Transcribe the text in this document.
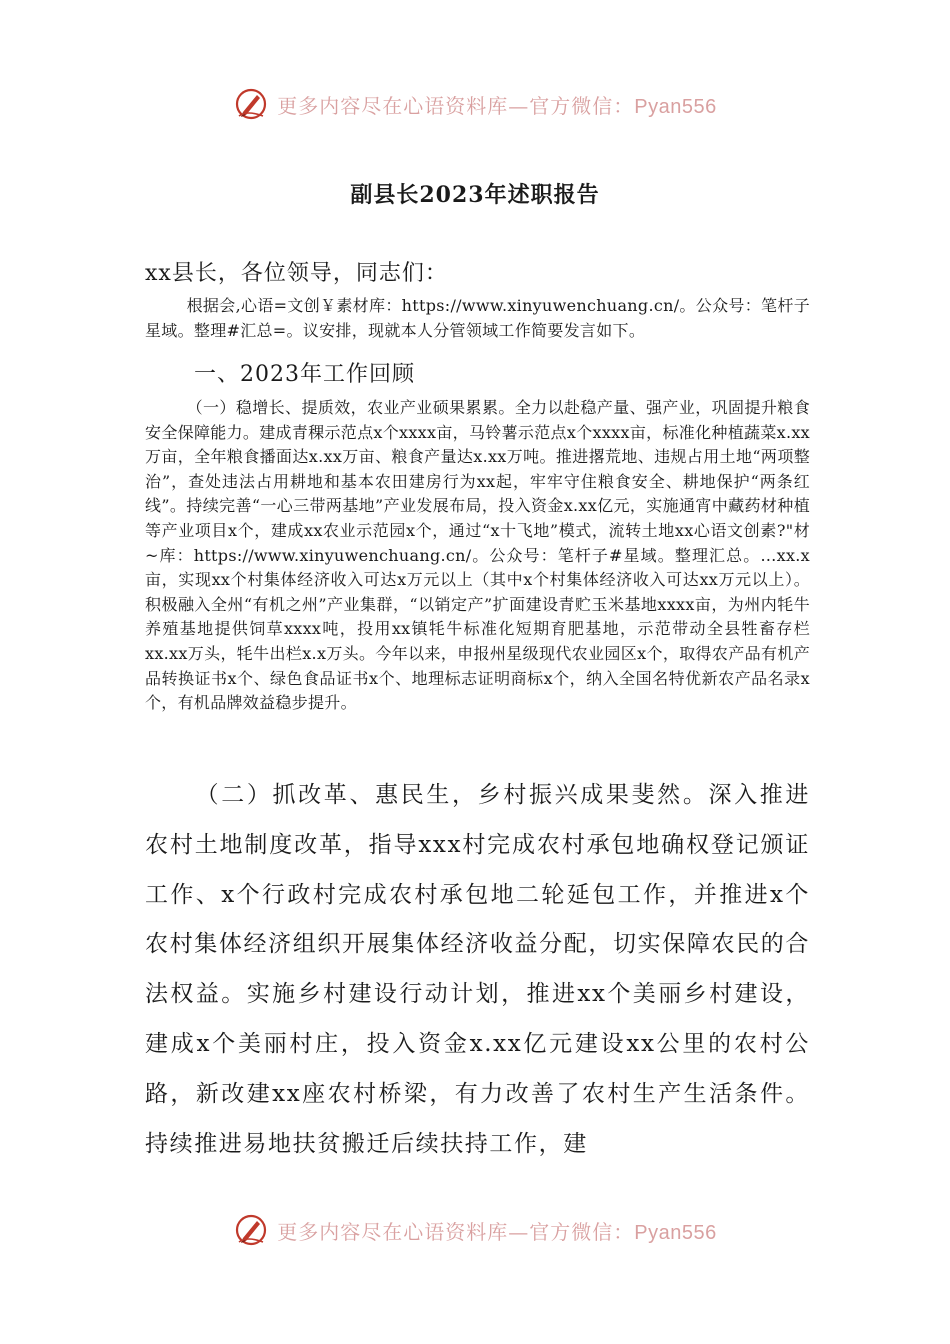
更多内容尽在心语资料库—官方微信：Pyan556
副县长2023年述职报告
xx县长，各位领导，同志们：
根据会,心语=文创￥素材库：https://www.xinyuwenchuang.cn/。公众号：笔杆子星域。整理#汇总=。议安排，现就本人分管领域工作简要发言如下。
一、2023年工作回顾
（一）稳增长、提质效，农业产业硕果累累。全力以赴稳产量、强产业，巩固提升粮食安全保障能力。建成青稞示范点x个xxxx亩，马铃薯示范点x个xxxx亩，标准化种植蔬菜x.xx万亩，全年粮食播面达x.xx万亩、粮食产量达x.xx万吨。推进撂荒地、违规占用土地“两项整治”，查处违法占用耕地和基本农田建房行为xx起，牢牢守住粮食安全、耕地保护“两条红线”。持续完善“一心三带两基地”产业发展布局，投入资金x.xx亿元，实施通宵中藏药材种植等产业项目x个，建成xx农业示范园x个，通过“x十飞地”模式，流转土地xx心语文创素?"材~库：https://www.xinyuwenchuang.cn/。公众号：笔杆子#星域。整理汇总。…xx.x亩，实现xx个村集体经济收入可达x万元以上（其中x个村集体经济收入可达xx万元以上）。积极融入全州“有机之州”产业集群，“以销定产”扩面建设青贮玉米基地xxxx亩，为州内牦牛养殖基地提供饲草xxxx吨，投用xx镇牦牛标准化短期育肥基地，示范带动全县牲畜存栏xx.xx万头，牦牛出栏x.x万头。今年以来，申报州星级现代农业园区x个，取得农产品有机产品转换证书x个、绿色食品证书x个、地理标志证明商标x个，纳入全国名特优新农产品名录x个，有机品牌效益稳步提升。
（二）抓改革、惠民生，乡村振兴成果斐然。深入推进农村土地制度改革，指导xxx村完成农村承包地确权登记颁证工作、x个行政村完成农村承包地二轮延包工作，并推进x个农村集体经济组织开展集体经济收益分配，切实保障农民的合法权益。实施乡村建设行动计划，推进xx个美丽乡村建设，建成x个美丽村庄，投入资金x.xx亿元建设xx公里的农村公路，新改建xx座农村桥梁，有力改善了农村生产生活条件。持续推进易地扶贫搬迁后续扶持工作，建
更多内容尽在心语资料库—官方微信：Pyan556
